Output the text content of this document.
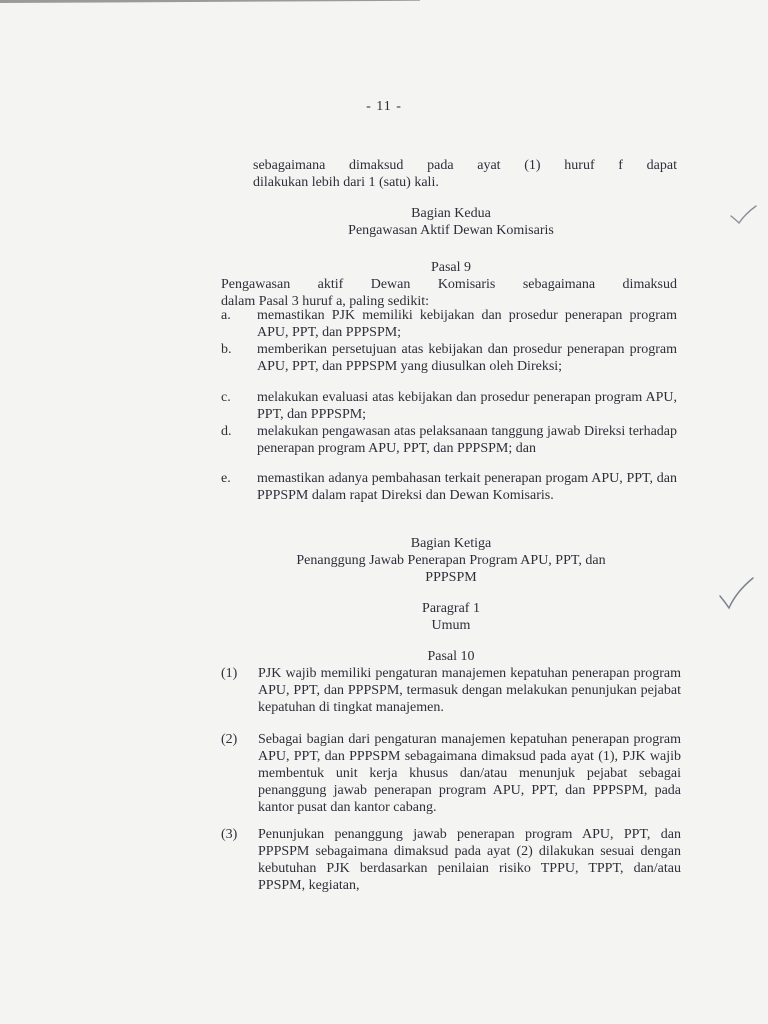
- 11 -
sebagaimana dimaksud pada ayat (1) huruf f dapat
dilakukan lebih dari 1 (satu) kali.
Bagian Kedua
Pengawasan Aktif Dewan Komisaris
Pasal 9
Pengawasan aktif Dewan Komisaris sebagaimana dimaksud
dalam Pasal 3 huruf a, paling sedikit:
a. memastikan PJK memiliki kebijakan dan prosedur penerapan program APU, PPT, dan PPPSPM;
b. memberikan persetujuan atas kebijakan dan prosedur penerapan program APU, PPT, dan PPPSPM yang diusulkan oleh Direksi;
c. melakukan evaluasi atas kebijakan dan prosedur penerapan program APU, PPT, dan PPPSPM;
d. melakukan pengawasan atas pelaksanaan tanggung jawab Direksi terhadap penerapan program APU, PPT, dan PPPSPM; dan
e. memastikan adanya pembahasan terkait penerapan progam APU, PPT, dan PPPSPM dalam rapat Direksi dan Dewan Komisaris.
Bagian Ketiga
Penanggung Jawab Penerapan Program APU, PPT, dan
PPPSPM
Paragraf 1
Umum
Pasal 10
(1) PJK wajib memiliki pengaturan manajemen kepatuhan penerapan program APU, PPT, dan PPPSPM, termasuk dengan melakukan penunjukan pejabat kepatuhan di tingkat manajemen.
(2) Sebagai bagian dari pengaturan manajemen kepatuhan penerapan program APU, PPT, dan PPPSPM sebagaimana dimaksud pada ayat (1), PJK wajib membentuk unit kerja khusus dan/atau menunjuk pejabat sebagai penanggung jawab penerapan program APU, PPT, dan PPPSPM, pada kantor pusat dan kantor cabang.
(3) Penunjukan penanggung jawab penerapan program APU, PPT, dan PPPSPM sebagaimana dimaksud pada ayat (2) dilakukan sesuai dengan kebutuhan PJK berdasarkan penilaian risiko TPPU, TPPT, dan/atau PPSPM, kegiatan,
